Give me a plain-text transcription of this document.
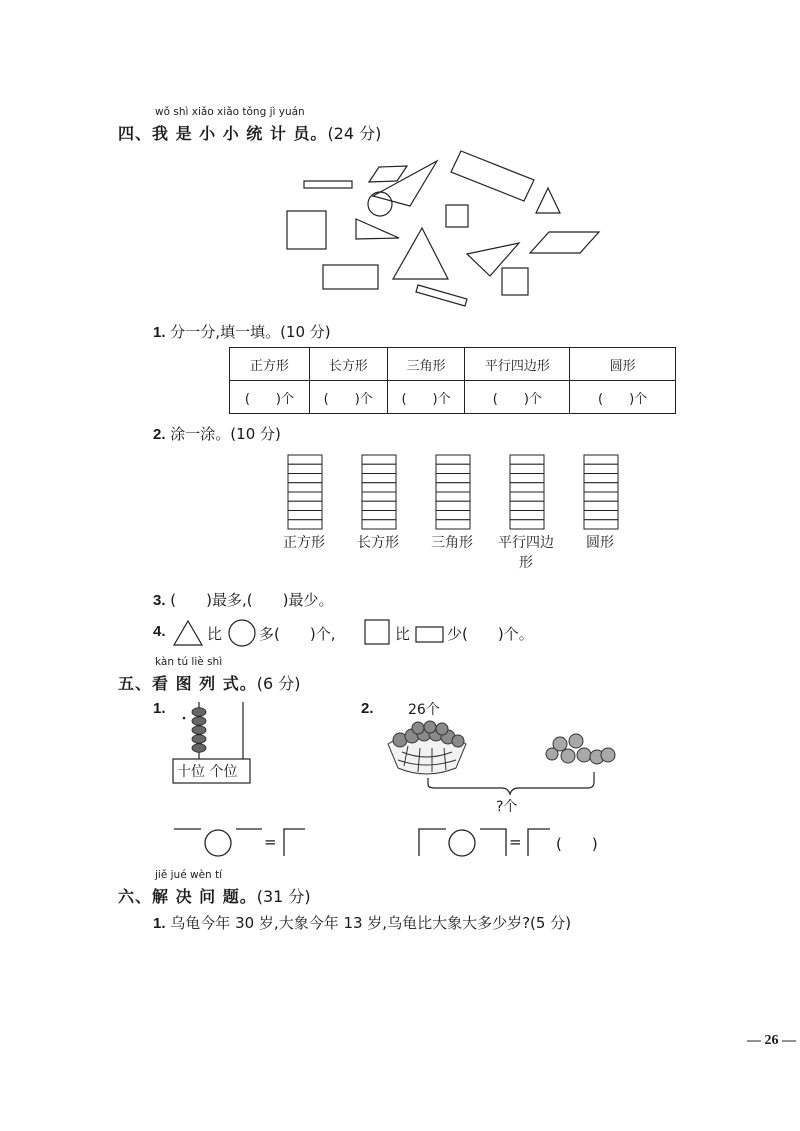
wǒ shì xiǎo xiǎo tǒng jì yuán
四、我 是 小 小 统 计 员。(24 分)
1. 分一分,填一填。(10 分)
正方形	长方形	三角形	平行四边形	圆形
(　　)个	(　　)个	(　　)个	(　　)个	(　　)个
2. 涂一涂。(10 分)
正方形	长方形	三角形	平行四边形
圆形
3. (　　)最多,(　　)最少。
4.	比 多(　　)个,	比 少(　　)个。
kàn tú liè shì
五、看 图 列 式。(6 分)
1.	2.
十位 个位
26个
?个
=	= (　　)
jiě jué wèn tí
六、解 决 问 题。(31 分)
1. 乌龟今年 30 岁,大象今年 13 岁,乌龟比大象大多少岁?(5 分)
— 26 —
